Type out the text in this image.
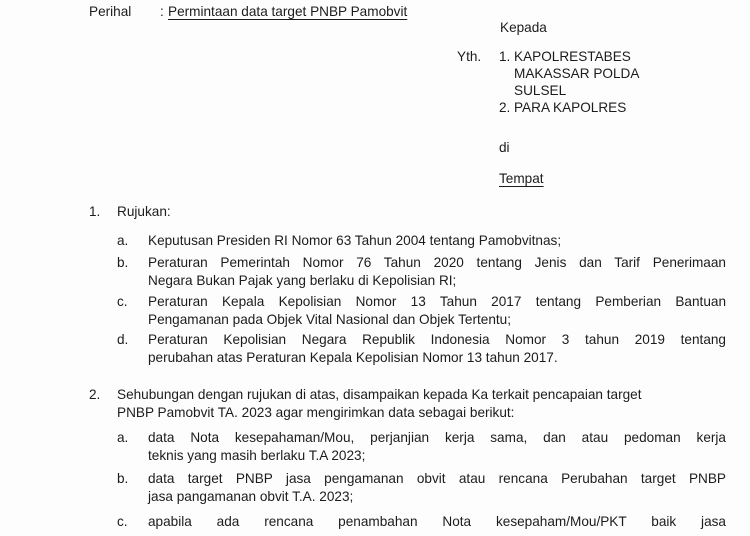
Perihal : Permintaan data target PNBP Pamobvit
Kepada
Yth. 1. KAPOLRESTABES
MAKASSAR POLDA
SULSEL
2. PARA KAPOLRES
di
Tempat
1. Rujukan:
a. Keputusan Presiden RI Nomor 63 Tahun 2004 tentang Pamobvitnas;
b. Peraturan Pemerintah Nomor 76 Tahun 2020 tentang Jenis dan Tarif Penerimaan
Negara Bukan Pajak yang berlaku di Kepolisian RI;
c. Peraturan Kepala Kepolisian Nomor 13 Tahun 2017 tentang Pemberian Bantuan
Pengamanan pada Objek Vital Nasional dan Objek Tertentu;
d. Peraturan Kepolisian Negara Republik Indonesia Nomor 3 tahun 2019 tentang
perubahan atas Peraturan Kepala Kepolisian Nomor 13 tahun 2017.
2. Sehubungan dengan rujukan di atas, disampaikan kepada Ka terkait pencapaian target
PNBP Pamobvit TA. 2023 agar mengirimkan data sebagai berikut:
a. data Nota kesepahaman/Mou, perjanjian kerja sama, dan atau pedoman kerja
teknis yang masih berlaku T.A 2023;
b. data target PNBP jasa pengamanan obvit atau rencana Perubahan target PNBP
jasa pangamanan obvit T.A. 2023;
c. apabila ada rencana penambahan Nota kesepaham/Mou/PKT baik jasa
